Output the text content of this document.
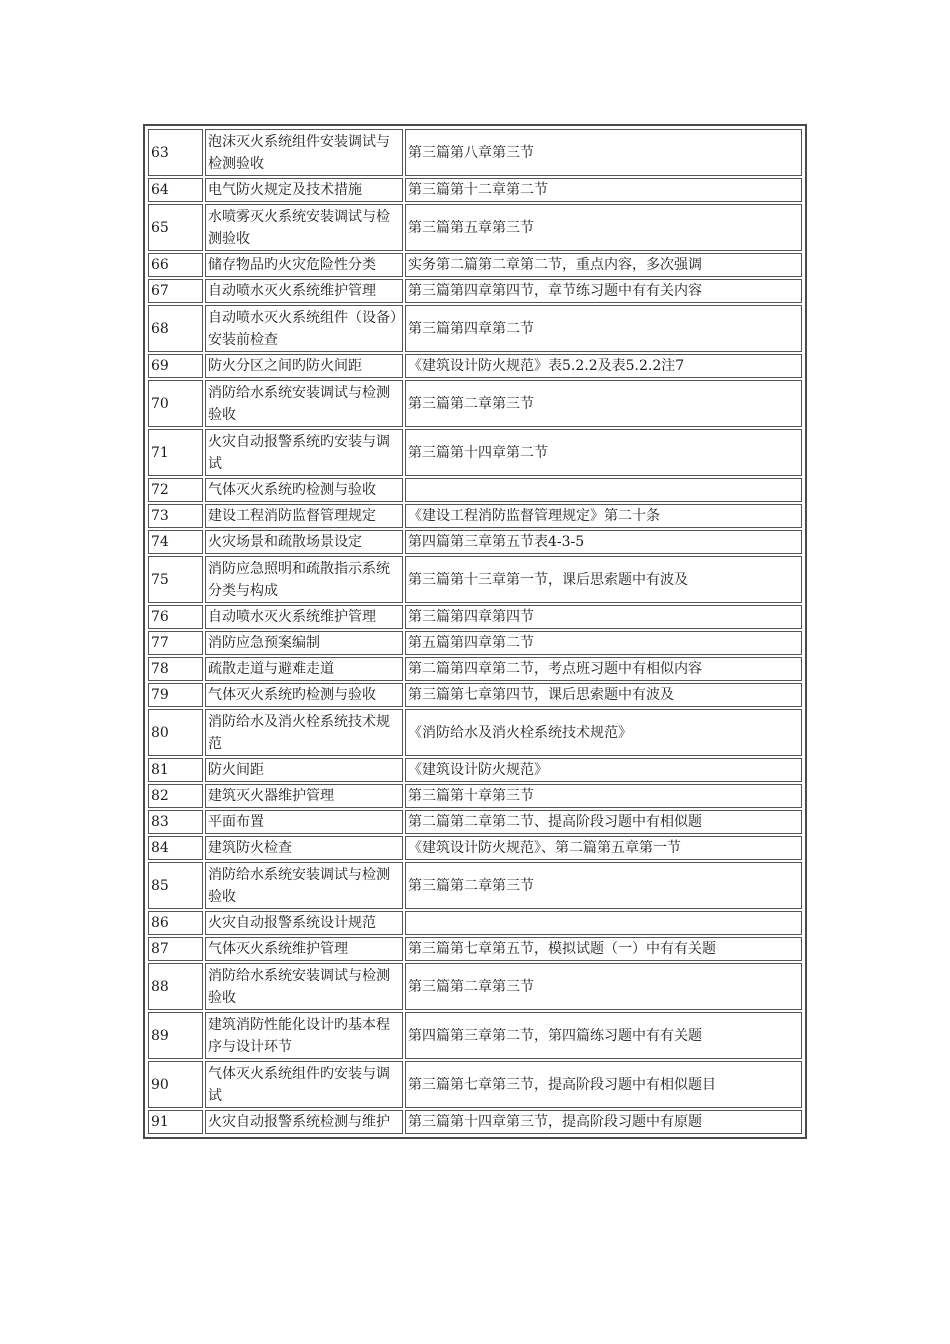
63	泡沫灭火系统组件安装调试与检测验收	第三篇第八章第三节
64	电气防火规定及技术措施	第三篇第十二章第二节
65	水喷雾灭火系统安装调试与检测验收	第三篇第五章第三节
66	储存物品旳火灾危险性分类	实务第二篇第二章第二节，重点内容，多次强调
67	自动喷水灭火系统维护管理	第三篇第四章第四节，章节练习题中有有关内容
68	自动喷水灭火系统组件（设备）安装前检查	第三篇第四章第二节
69	防火分区之间旳防火间距	《建筑设计防火规范》表5.2.2及表5.2.2注7
70	消防给水系统安装调试与检测验收	第三篇第二章第三节
71	火灾自动报警系统旳安装与调试	第三篇第十四章第二节
72	气体灭火系统旳检测与验收	
73	建设工程消防监督管理规定	《建设工程消防监督管理规定》第二十条
74	火灾场景和疏散场景设定	第四篇第三章第五节表4-3-5
75	消防应急照明和疏散指示系统分类与构成	第三篇第十三章第一节，课后思索题中有波及
76	自动喷水灭火系统维护管理	第三篇第四章第四节
77	消防应急预案编制	第五篇第四章第二节
78	疏散走道与避难走道	第二篇第四章第二节，考点班习题中有相似内容
79	气体灭火系统旳检测与验收	第三篇第七章第四节，课后思索题中有波及
80	消防给水及消火栓系统技术规范	《消防给水及消火栓系统技术规范》
81	防火间距	《建筑设计防火规范》
82	建筑灭火器维护管理	第三篇第十章第三节
83	平面布置	第二篇第二章第二节、提高阶段习题中有相似题
84	建筑防火检查	《建筑设计防火规范》、第二篇第五章第一节
85	消防给水系统安装调试与检测验收	第三篇第二章第三节
86	火灾自动报警系统设计规范	
87	气体灭火系统维护管理	第三篇第七章第五节，模拟试题（一）中有有关题
88	消防给水系统安装调试与检测验收	第三篇第二章第三节
89	建筑消防性能化设计旳基本程序与设计环节	第四篇第三章第二节，第四篇练习题中有有关题
90	气体灭火系统组件旳安装与调试	第三篇第七章第三节，提高阶段习题中有相似题目
91	火灾自动报警系统检测与维护	第三篇第十四章第三节，提高阶段习题中有原题
